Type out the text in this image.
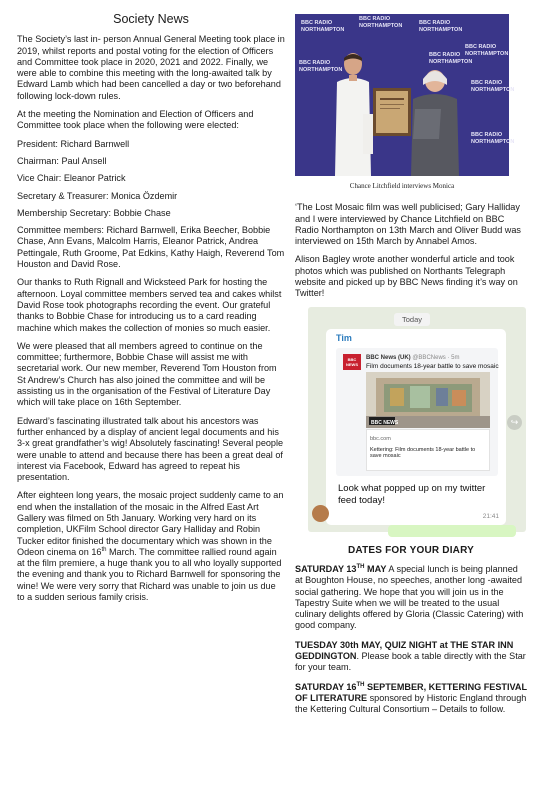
Society News

The Society’s last in- person Annual General Meeting took place in 2019, whilst reports and postal voting for the election of Officers and Committee took place in 2020, 2021 and 2022. Finally, we were able to combine this meeting with the long-awaited talk by Edward Lamb which had been cancelled a day or two beforehand following lock-down rules.

At the meeting the Nomination and Election of Officers and Committee took place when the following were elected:

President: Richard Barnwell

Chairman: Paul Ansell

Vice Chair: Eleanor Patrick

Secretary & Treasurer: Monica Özdemir

Membership Secretary: Bobbie Chase

Committee members: Richard Barnwell, Erika Beecher, Bobbie Chase, Ann Evans, Malcolm Harris, Eleanor Patrick, Andrea Pettingale, Ruth Groome, Pat Edkins, Kathy Haigh, Reverend Tom Houston and David Rose.

Our thanks to Ruth Rignall and Wicksteed Park for hosting the afternoon. Loyal committee members served tea and cakes whilst David Rose took photographs recording the event. Our grateful thanks to Bobbie Chase for introducing us to a card reading machine which makes the collection of monies so much easier.

We were pleased that all members agreed to continue on the committee; furthermore, Bobbie Chase will assist me with secretarial work. Our new member, Reverend Tom Houston from St Andrew’s Church has also joined the committee and will be assisting us in the organisation of the Festival of Literature Day which will take place on 16th September.

Edward’s fascinating illustrated talk about his ancestors was further enhanced by a display of ancient legal documents and his 3-x great grandfather’s wig! Absolutely fascinating! Several people were unable to attend and because there has been a great deal of interest via Facebook, Edward has agreed to repeat his presentation.

After eighteen long years, the mosaic project suddenly came to an end when the installation of the mosaic in the Alfred East Art Gallery was filmed on 5th January. Working very hard on its completion, UKFilm School director Gary Halliday and Robin Tucker editor finished the documentary which was shown in the Odeon cinema on 16th March. The committee rallied round again at the film premiere, a huge thank you to all who loyally supported the evening and thank you to Richard Barnwell for sponsoring the wine! We were very sorry that Richard was unable to join us due to a sudden serious family crisis.

BBC RADIO
NORTHAMPTON
BBC RADIO
NORTHAMPTON	BBC RADIO
NORTHAMPTON
BBC RADIO
NORTHAMPTON
BBC RADIO
NORTHAMPTON
BBC RADIO
NORTHAMPTON
BBC RADIO
NORTHAMPTON
BBC RADIO
NORTHAMPTON
Chance Litchfield interviews Monica

‘The Lost Mosaic film was well publicised; Gary Halliday and I were interviewed by Chance Litchfield on BBC Radio Northampton on 13th March and Oliver Budd was interviewed on 15th March by Annabel Amos.

Alison Bagley wrote another wonderful article and took photos which was published on Northants Telegraph website and picked up by BBC News finding it’s way on Twitter!

Today
Tim
BBC
NEWS
BBC News (UK) @BBCNews · 5m
Film documents 18-year battle to save mosaic
BBC NEWS
bbc.com
Kettering: Film documents 18-year battle to save mosaic
Look what popped up on my twitter feed today!
21:41
↪
DATES FOR YOUR DIARY

SATURDAY 13TH MAY A special lunch is being planned at Boughton House, no speeches, another long -awaited social gathering. We hope that you will join us in the Tapestry Suite when we will be treated to the usual culinary delights offered by Gloria (Classic Catering) with good company.

TUESDAY 30th MAY, QUIZ NIGHT at THE STAR INN GEDDINGTON. Please book a table directly with the Star for your team.

SATURDAY 16TH SEPTEMBER, KETTERING FESTIVAL OF LITERATURE sponsored by Historic England through the Kettering Cultural Consortium – Details to follow.
